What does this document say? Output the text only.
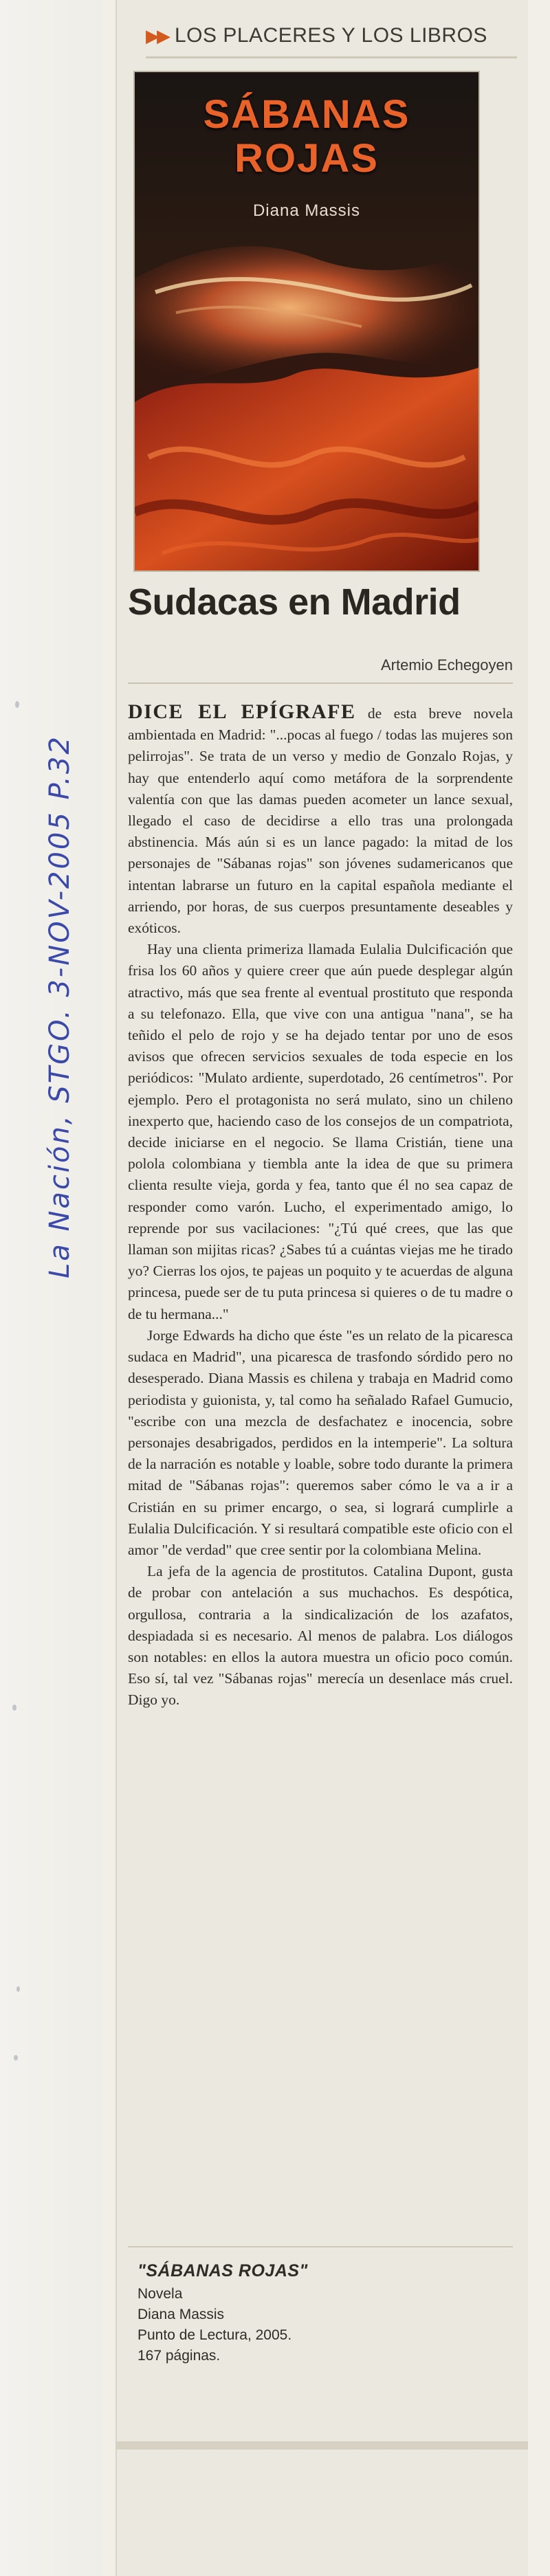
La Nación, STGO. 3-NOV-2005 P.32
▶▶ LOS PLACERES Y LOS LIBROS
SÁBANAS
ROJAS
Diana Massis
Sudacas en Madrid
Artemio Echegoyen

DICE EL EPÍGRAFE de esta breve novela ambientada en Madrid: "...pocas al fuego / todas las mujeres son pelirrojas". Se trata de un verso y medio de Gonzalo Rojas, y hay que entenderlo aquí como metáfora de la sorprendente valentía con que las damas pueden acometer un lance sexual, llegado el caso de decidirse a ello tras una prolongada abstinencia. Más aún si es un lance pagado: la mitad de los personajes de "Sábanas rojas" son jóvenes sudamericanos que intentan labrarse un futuro en la capital española mediante el arriendo, por horas, de sus cuerpos presuntamente deseables y exóticos.

Hay una clienta primeriza llamada Eulalia Dulcificación que frisa los 60 años y quiere creer que aún puede desplegar algún atractivo, más que sea frente al eventual prostituto que responda a su telefonazo. Ella, que vive con una antigua "nana", se ha teñido el pelo de rojo y se ha dejado tentar por uno de esos avisos que ofrecen servicios sexuales de toda especie en los periódicos: "Mulato ardiente, superdotado, 26 centímetros". Por ejemplo. Pero el protagonista no será mulato, sino un chileno inexperto que, haciendo caso de los consejos de un compatriota, decide iniciarse en el negocio. Se llama Cristián, tiene una polola colombiana y tiembla ante la idea de que su primera clienta resulte vieja, gorda y fea, tanto que él no sea capaz de responder como varón. Lucho, el experimentado amigo, lo reprende por sus vacilaciones: "¿Tú qué crees, que las que llaman son mijitas ricas? ¿Sabes tú a cuántas viejas me he tirado yo? Cierras los ojos, te pajeas un poquito y te acuerdas de alguna princesa, puede ser de tu puta princesa si quieres o de tu madre o de tu hermana..."

Jorge Edwards ha dicho que éste "es un relato de la picaresca sudaca en Madrid", una picaresca de trasfondo sórdido pero no desesperado. Diana Massis es chilena y trabaja en Madrid como periodista y guionista, y, tal como ha señalado Rafael Gumucio, "escribe con una mezcla de desfachatez e inocencia, sobre personajes desabrigados, perdidos en la intemperie". La soltura de la narración es notable y loable, sobre todo durante la primera mitad de "Sábanas rojas": queremos saber cómo le va a ir a Cristián en su primer encargo, o sea, si logrará cumplirle a Eulalia Dulcificación. Y si resultará compatible este oficio con el amor "de verdad" que cree sentir por la colombiana Melina.

La jefa de la agencia de prostitutos. Catalina Dupont, gusta de probar con antelación a sus muchachos. Es despótica, orgullosa, contraria a la sindicalización de los azafatos, despiadada si es necesario. Al menos de palabra. Los diálogos son notables: en ellos la autora muestra un oficio poco común. Eso sí, tal vez "Sábanas rojas" merecía un desenlace más cruel. Digo yo.

"SÁBANAS ROJAS"
Novela
Diana Massis
Punto de Lectura, 2005.
167 páginas.
